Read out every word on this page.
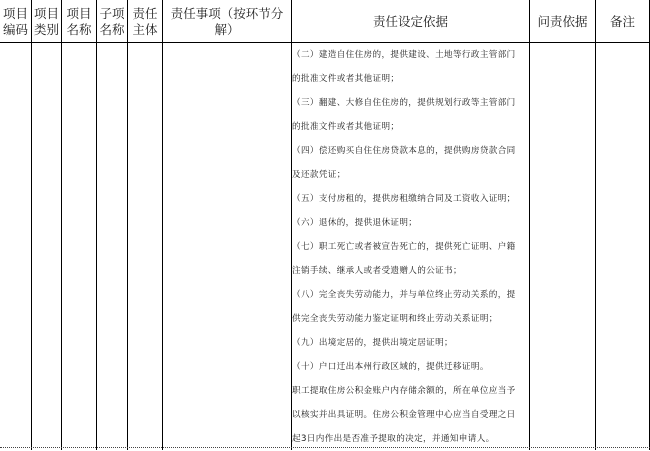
项目编码
项目类别
项目名称
子项名称
责任主体
责任事项（按环节分解）
责任设定依据	问责依据 备注
（二）建造自住住房的，提供建设、土地等行政主管部门
的批准文件或者其他证明；
（三）翻建、大修自住住房的，提供规划行政等主管部门
的批准文件或者其他证明；
（四）偿还购买自住住房贷款本息的，提供购房贷款合同
及还款凭证；
（五）支付房租的，提供房租缴纳合同及工资收入证明；
（六）退休的，提供退休证明；
（七）职工死亡或者被宣告死亡的，提供死亡证明、户籍
注销手续、继承人或者受遗赠人的公证书；
（八）完全丧失劳动能力，并与单位终止劳动关系的，提
供完全丧失劳动能力鉴定证明和终止劳动关系证明；
（九）出境定居的，提供出境定居证明；
（十）户口迁出本州行政区域的，提供迁移证明。
职工提取住房公积金账户内存储余额的，所在单位应当予
以核实并出具证明。住房公积金管理中心应当自受理之日
起3日内作出是否准予提取的决定，并通知申请人。
